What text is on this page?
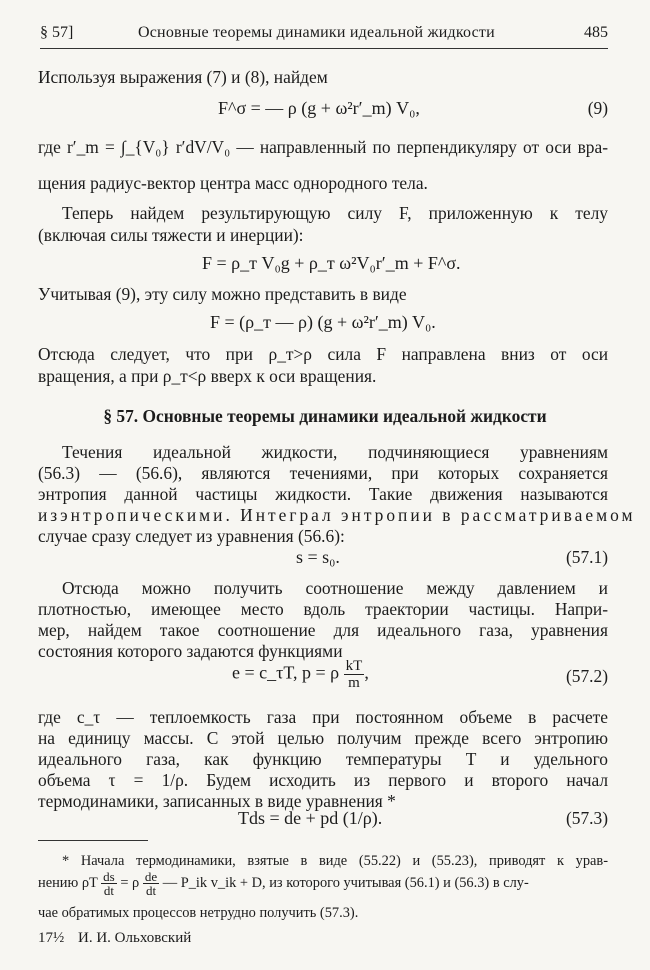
§ 57]	Основные теоремы динамики идеальной жидкости	485
Используя выражения (7) и (8), найдем
F^σ = — ρ (g + ω²r′_m) V₀,	(9)
где r′_m = ∫_{V₀} r′dV/V₀ — направленный по перпендикуляру от оси вра-
щения радиус-вектор центра масс однородного тела.
Теперь найдем результирующую силу F, приложенную к телу
(включая силы тяжести и инерции):
F = ρ_т V₀g + ρ_т ω²V₀r′_m + F^σ.
Учитывая (9), эту силу можно представить в виде
F = (ρ_т — ρ) (g + ω²r′_m) V₀.
Отсюда следует, что при ρ_т>ρ сила F направлена вниз от оси
вращения, а при ρ_т<ρ вверх к оси вращения.
§ 57. Основные теоремы динамики идеальной жидкости
Течения идеальной жидкости, подчиняющиеся уравнениям
(56.3) — (56.6), являются течениями, при которых сохраняется
энтропия данной частицы жидкости. Такие движения называются
изэнтропическими. Интеграл энтропии в рассматриваемом
случае сразу следует из уравнения (56.6):
s = s₀.	(57.1)
Отсюда можно получить соотношение между давлением и
плотностью, имеющее место вдоль траектории частицы. Напри-
мер, найдем такое соотношение для идеального газа, уравнения
состояния которого задаются функциями
e = c_τT, p = ρ $\frac{kT}{m}$ ,	(57.2)
где c_τ — теплоемкость газа при постоянном объеме в расчете
на единицу массы. С этой целью получим прежде всего энтропию
идеального газа, как функцию температуры T и удельного
объема τ = 1/ρ. Будем исходить из первого и второго начал
термодинамики, записанных в виде уравнения *
Tds = de + pd (1/ρ).	(57.3)
* Начала термодинамики, взятые в виде (55.22) и (55.23), приводят к урав-
нению ρT $\frac{ds}{dt} = \rho \frac{de}{dt}$ — P_ik v_ik + D, из которого учитывая (56.1) и (56.3) в слу-
чае обратимых процессов нетрудно получить (57.3).
17½ И. И. Ольховский
